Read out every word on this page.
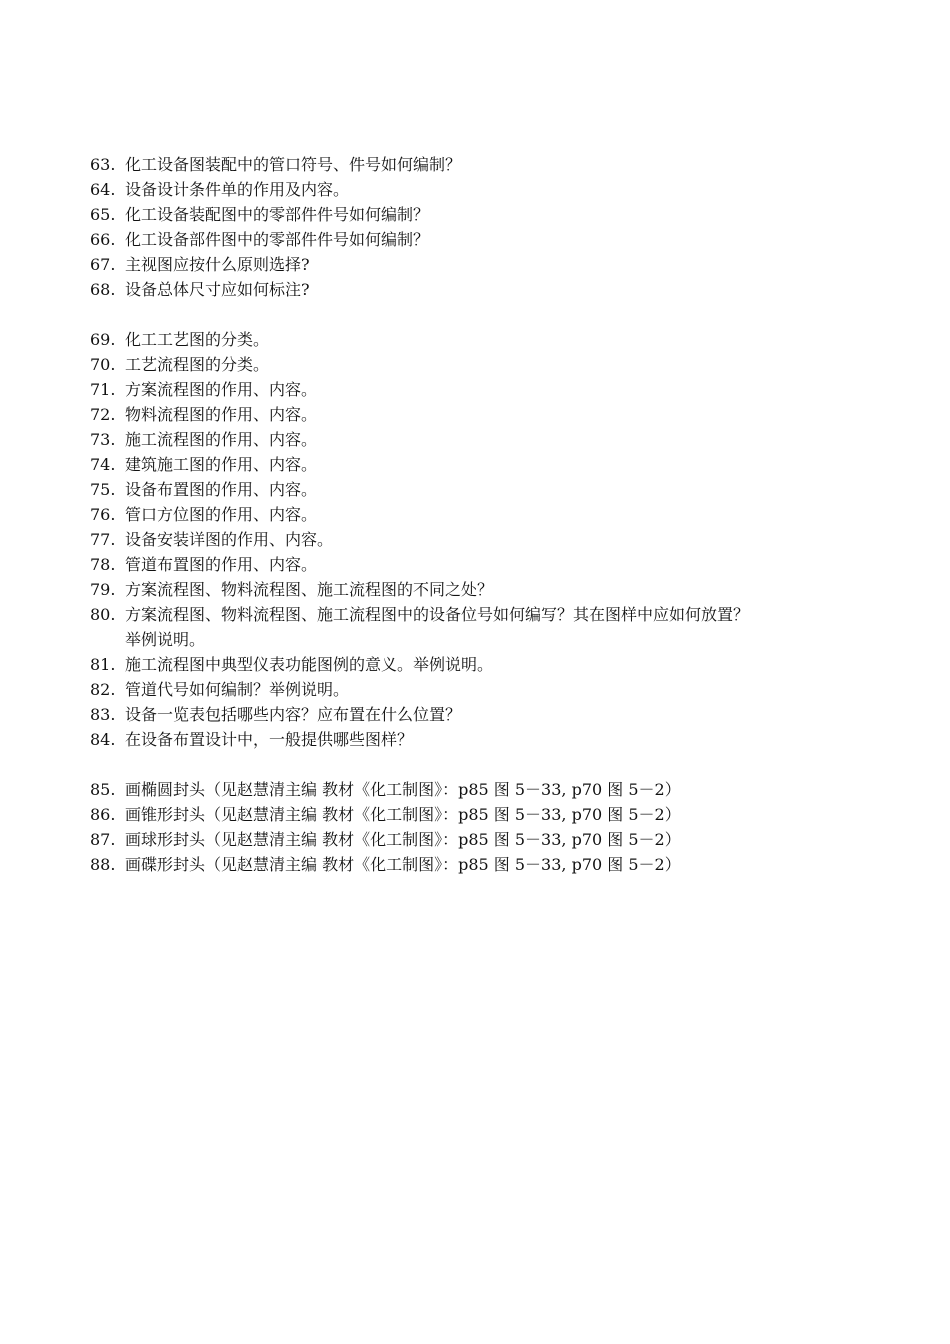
63. 化工设备图装配中的管口符号、件号如何编制？
64. 设备设计条件单的作用及内容。
65. 化工设备装配图中的零部件件号如何编制？
66. 化工设备部件图中的零部件件号如何编制？
67. 主视图应按什么原则选择?
68. 设备总体尺寸应如何标注?
69. 化工工艺图的分类。
70. 工艺流程图的分类。
71. 方案流程图的作用、内容。
72. 物料流程图的作用、内容。
73. 施工流程图的作用、内容。
74. 建筑施工图的作用、内容。
75. 设备布置图的作用、内容。
76. 管口方位图的作用、内容。
77. 设备安装详图的作用、内容。
78. 管道布置图的作用、内容。
79. 方案流程图、物料流程图、施工流程图的不同之处？
80. 方案流程图、物料流程图、施工流程图中的设备位号如何编写？其在图样中应如何放置？
举例说明。
81. 施工流程图中典型仪表功能图例的意义。举例说明。
82. 管道代号如何编制？举例说明。
83. 设备一览表包括哪些内容？应布置在什么位置？
84. 在设备布置设计中，一般提供哪些图样？
85. 画椭圆封头（见赵慧清主编 教材《化工制图》：p85 图 5－33, p70 图 5－2）
86. 画锥形封头（见赵慧清主编 教材《化工制图》：p85 图 5－33, p70 图 5－2）
87. 画球形封头（见赵慧清主编 教材《化工制图》：p85 图 5－33, p70 图 5－2）
88. 画碟形封头（见赵慧清主编 教材《化工制图》：p85 图 5－33, p70 图 5－2）
